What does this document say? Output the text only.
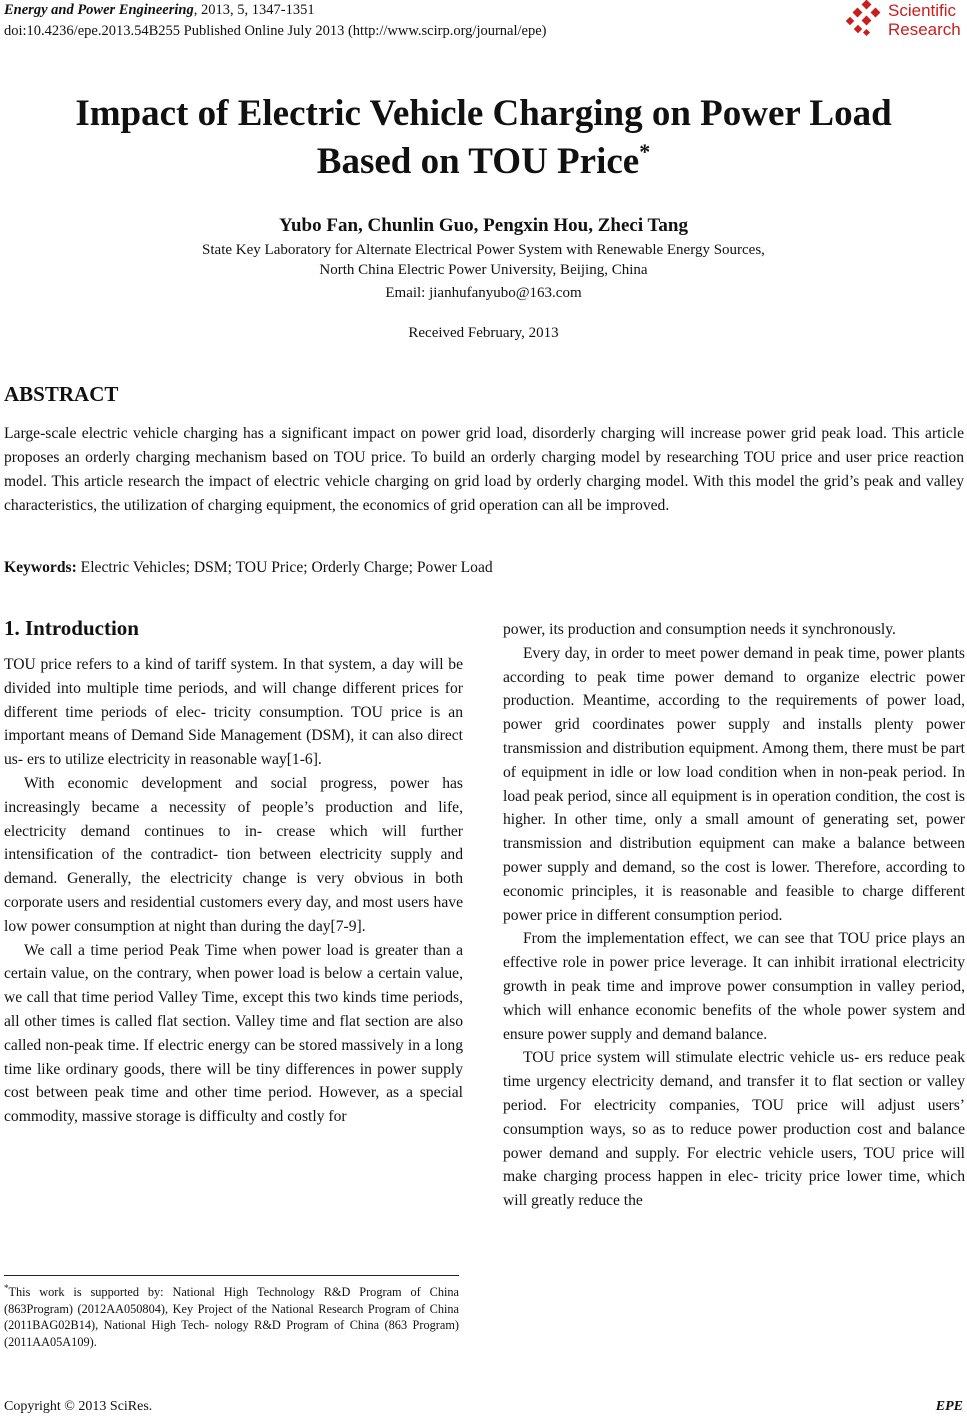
Energy and Power Engineering, 2013, 5, 1347-1351
doi:10.4236/epe.2013.54B255 Published Online July 2013 (http://www.scirp.org/journal/epe)
Scientific
Research
Impact of Electric Vehicle Charging on Power Load
Based on TOU Price*
Yubo Fan, Chunlin Guo, Pengxin Hou, Zheci Tang
State Key Laboratory for Alternate Electrical Power System with Renewable Energy Sources,
North China Electric Power University, Beijing, China
Email: jianhufanyubo@163.com
Received February, 2013
ABSTRACT
Large-scale electric vehicle charging has a significant impact on power grid load, disorderly charging will increase power grid peak load. This article proposes an orderly charging mechanism based on TOU price. To build an orderly charging model by researching TOU price and user price reaction model. This article research the impact of electric vehicle charging on grid load by orderly charging model. With this model the grid’s peak and valley characteristics, the utilization of charging equipment, the economics of grid operation can all be improved.
Keywords: Electric Vehicles; DSM; TOU Price; Orderly Charge; Power Load
1. Introduction

TOU price refers to a kind of tariff system. In that system, a day will be divided into multiple time periods, and will change different prices for different time periods of elec- tricity consumption. TOU price is an important means of Demand Side Management (DSM), it can also direct us- ers to utilize electricity in reasonable way[1-6].

With economic development and social progress, power has increasingly became a necessity of people’s production and life, electricity demand continues to in- crease which will further intensification of the contradict- tion between electricity supply and demand. Generally, the electricity change is very obvious in both corporate users and residential customers every day, and most users have low power consumption at night than during the day[7-9].

We call a time period Peak Time when power load is greater than a certain value, on the contrary, when power load is below a certain value, we call that time period Valley Time, except this two kinds time periods, all other times is called flat section. Valley time and flat section are also called non-peak time. If electric energy can be stored massively in a long time like ordinary goods, there will be tiny differences in power supply cost between peak time and other time period. However, as a special commodity, massive storage is difficulty and costly for

power, its production and consumption needs it synchronously.

Every day, in order to meet power demand in peak time, power plants according to peak time power demand to organize electric power production. Meantime, according to the requirements of power load, power grid coordinates power supply and installs plenty power transmission and distribution equipment. Among them, there must be part of equipment in idle or low load condition when in non-peak period. In load peak period, since all equipment is in operation condition, the cost is higher. In other time, only a small amount of generating set, power transmission and distribution equipment can make a balance between power supply and demand, so the cost is lower. Therefore, according to economic principles, it is reasonable and feasible to charge different power price in different consumption period.

From the implementation effect, we can see that TOU price plays an effective role in power price leverage. It can inhibit irrational electricity growth in peak time and improve power consumption in valley period, which will enhance economic benefits of the whole power system and ensure power supply and demand balance.

TOU price system will stimulate electric vehicle us- ers reduce peak time urgency electricity demand, and transfer it to flat section or valley period. For electricity companies, TOU price will adjust users’ consumption ways, so as to reduce power production cost and balance power demand and supply. For electric vehicle users, TOU price will make charging process happen in elec- tricity price lower time, which will greatly reduce the

*This work is supported by: National High Technology R&D Program of China (863Program) (2012AA050804), Key Project of the National Research Program of China (2011BAG02B14), National High Tech- nology R&D Program of China (863 Program) (2011AA05A109).
Copyright © 2013 SciRes.	EPE
